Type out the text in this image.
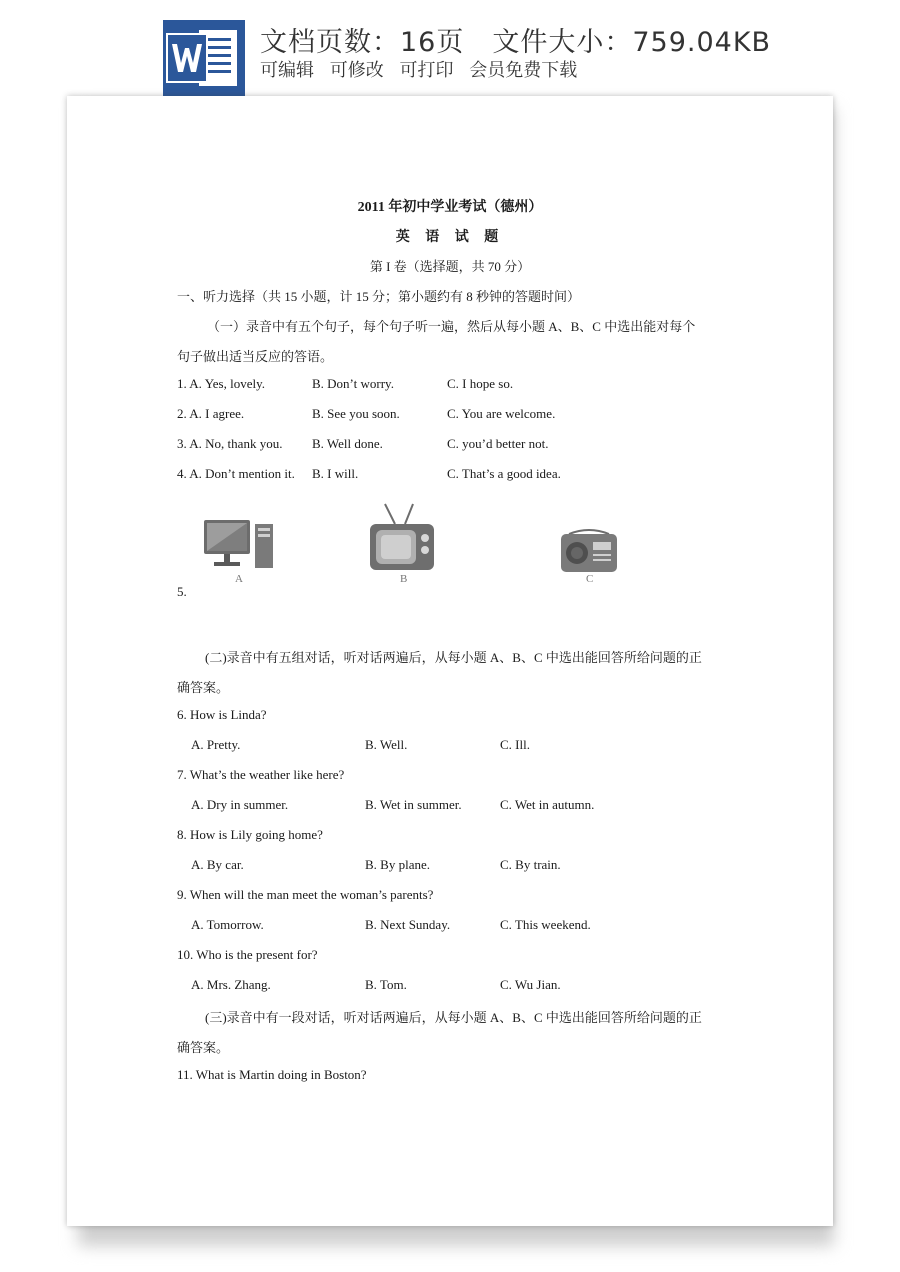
文档页数：16页 文件大小：759.04KB
可编辑 可修改 可打印 会员免费下载
2011 年初中学业考试（德州）
英 语 试 题
第 I 卷（选择题，共 70 分）
一、听力选择（共 15 小题，计 15 分；第小题约有 8 秒钟的答题时间）
（一）录音中有五个句子，每个句子听一遍，然后从每小题 A、B、C 中选出能对每个
句子做出适当反应的答语。
1. A. Yes, lovely.	B. Don’t worry.	C. I hope so.
2. A. I agree.	B. See you soon.	C. You are welcome.
3. A. No, thank you. B. Well done.	C. you’d better not.
4. A. Don’t mention it. B. I will.	C. That’s a good idea.
A	B	C
5.
(二)录音中有五组对话，听对话两遍后，从每小题 A、B、C 中选出能回答所给问题的正
确答案。
6. How is Linda?
A. Pretty.	B. Well.	C. Ill.
7. What’s the weather like here?
A. Dry in summer.	B. Wet in summer.	C. Wet in autumn.
8. How is Lily going home?
A. By car.	B. By plane.	C. By train.
9. When will the man meet the woman’s parents?
A. Tomorrow.	B. Next Sunday.	C. This weekend.
10. Who is the present for?
A. Mrs. Zhang.	B. Tom.	C. Wu Jian.
(三)录音中有一段对话，听对话两遍后，从每小题 A、B、C 中选出能回答所给问题的正
确答案。
11. What is Martin doing in Boston?
